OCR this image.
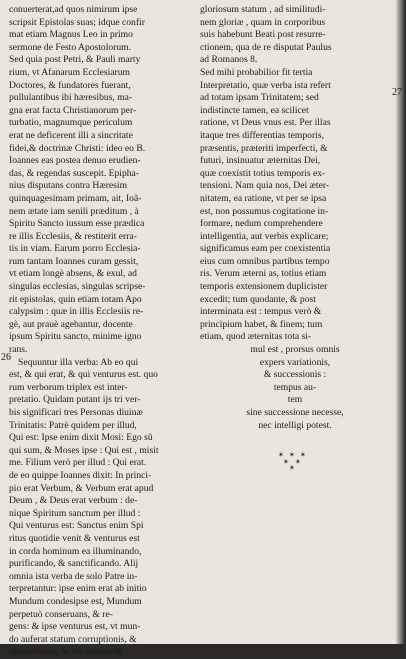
conuerterat,ad quos nimirum ipse
scripsit Epistolas suas; idque confir
mat etiam Magnus Leo in primo
sermone de Festo Apostolorum.
Sed quia post Petri, & Pauli marty
rium, vt Afanarum Ecclesiarum
Doctores, & fundatores fuerant,
pullulantibus ibi hæresibus, ma-
gna erat facta Christianorum per-
turbatio, magnumque periculum
erat ne deficerent illi a sincritate
fidei,& doctrinæ Christi: ideo eo B.
Ioannes eas postea denuo erudien-
das, & regendas suscepit. Epipha-
nius disputans contra Hæresim
quinquagesimam primam, ait, Ioã-
nem ætate iam senili præditum , à
Spiritu Sancto iussum esse prædica
re illis Ecclesiis, & restiterit erra-
tis in viam. Earum porro Ecclesia-
rum tantam Ioannes curam gessit,
vt etiam longè absens, & exul, ad
singulas ecclesias, singulas scripse-
rit epistolas, quin etiam totam Apo
calypsim : quæ in illis Ecclesiis re-
gè, aut prauè agebantur, docente
ipsum Spiritu sancto, minime igno
rans.
Sequuntur illa verba: Ab eo qui
est, & qui erat, & qui venturus est. quo
rum verborum triplex est inter-
pretatio. Quidam putant ijs tri ver-
bis significari tres Personas diuinæ
Trinitatis: Patrè quidem per illud,
Qui est: Ipse enim dixit Mosi: Ego sũ
qui sum, & Moses ipse : Qui est , misit
me. Filium verò per illud : Qui erat.
de eo quippe Ioannes dixit: In princi-
pio erat Verbum, & Verbum erat apud
Deum , & Deus erat verbum : de-
nique Spiritum sanctum per illud :
Qui venturus est: Sanctus enim Spi
ritus quotidie venit & venturus est
in corda hominum ea illuminando,
purificando, & sanctificando. Alij
omnia ista verba de solo Patre in-
terpretantur: ipse enim erat ab initio
Mundum condesipse est, Mundum
perpetuò conseruans, & re-
gens: & ipse venturus est, vt mun-
do auferat statum corruptionis, &
mutabilitatis, & det nouum &
gloriosum statum , ad similitudi-
nem gloriæ , quam in corporibus
suis habebunt Beati post resurre-
ctionem, qua de re disputat Paulus
ad Romanos 8.
Sed mihi probabilior fit tertia
Interpretatio, quæ verba ista refert
ad totam ipsam Trinitatem; sed
indistincte tamen, ea scilicet
ratione, vt Deus vnus est. Per illas
itaque tres differentias temporis,
præsentis, præteriti imperfecti, &
futuri, insinuatur æternitas Dei,
quæ coexistit totius temporis ex-
tensioni. Nam quia nos, Dei æter-
nitatem, ea ratione, vt per se ipsa
est, non possumus cogitatione in-
formare, nedum comprehendere
intelligentia, aut verbis explicare;
significamus eam per coexistentia
eius cum omnibus partibus tempo
ris. Verum æterni as, totius etiam
temporis extensionem duplicister
excedit; tum quodante, & post
interminata est : tempus verò &
principium habet, & finem; tum
etiam, quod æternitas tota si-
mul est , prorsus omnis
expers variationis,
& successionis :
tempus au-
tem
sine successione necesse,
nec intelligi potest.
26
27
✶ ✶ ✶
✶ ✶
✶
